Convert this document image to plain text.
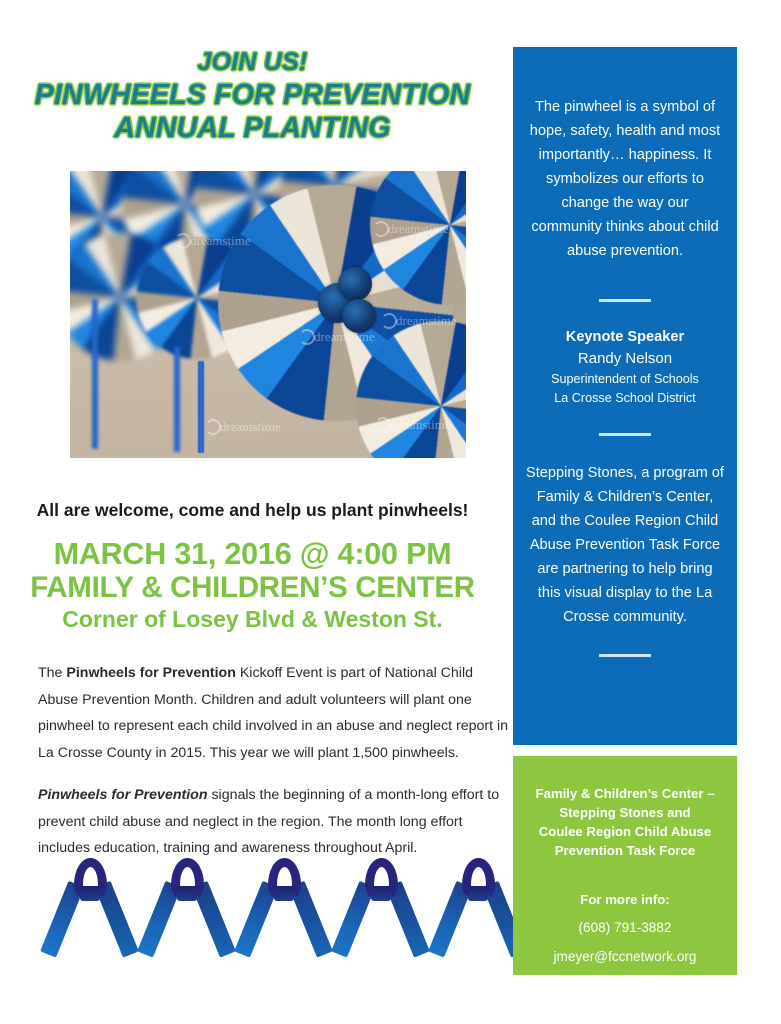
JOIN US!
PINWHEELS FOR PREVENTION
ANNUAL PLANTING
dreamstime
dreamstime
dreamstime
dreamstime
dreamstime	dreamstime
All are welcome, come and help us plant pinwheels!
MARCH 31, 2016 @ 4:00 PM
FAMILY & CHILDREN’S CENTER
Corner of Losey Blvd & Weston St.

The Pinwheels for Prevention Kickoff Event is part of National Child Abuse Prevention Month. Children and adult volunteers will plant one pinwheel to represent each child involved in an abuse and neglect report in La Crosse County in 2015. This year we will plant 1,500 pinwheels.

Pinwheels for Prevention signals the beginning of a month-long effort to prevent child abuse and neglect in the region. The month long effort includes education, training and awareness throughout April.

The pinwheel is a symbol of hope, safety, health and most importantly… happiness. It symbolizes our efforts to change the way our community thinks about child abuse prevention.
Keynote Speaker
Randy Nelson
Superintendent of Schools
La Crosse School District
Stepping Stones, a program of Family & Children’s Center, and the Coulee Region Child Abuse Prevention Task Force are partnering to help bring this visual display to the La Crosse community.
Family & Children’s Center –
Stepping Stones and
Coulee Region Child Abuse
Prevention Task Force
For more info:
(608) 791-3882
jmeyer@fccnetwork.org
